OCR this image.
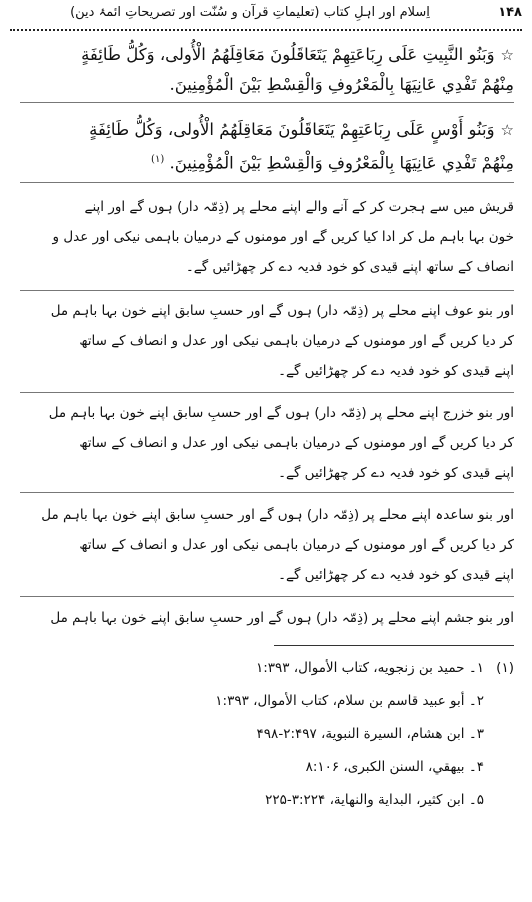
۱۴۸
اِسلام اور اہلِ کتاب (تعلیماتِ قرآن و سُنّت اور تصریحاتِ ائمۂ دین)
☆وَبَنُو النَّبِيتِ عَلَى رِبَاعَتِهِمْ يَتَعَاقَلُونَ مَعَاقِلَهُمُ الْأُولى، وَكُلُّ طَائِفَةٍ
مِنْهُمْ تَفْدِي عَانِيَهَا بِالْمَعْرُوفِ وَالْقِسْطِ بَيْنَ الْمُؤْمِنِينَ.
☆وَبَنُو أَوْسٍ عَلَى رِبَاعَتِهِمْ يَتَعَاقَلُونَ مَعَاقِلَهُمُ الْأُولى، وَكُلُّ طَائِفَةٍ
مِنْهُمْ تَفْدِي عَانِيَهَا بِالْمَعْرُوفِ وَالْقِسْطِ بَيْنَ الْمُؤْمِنِينَ. $^{(۱)}$
قریش میں سے ہجرت کر کے آنے والے اپنے محلے پر (ذِمّہ دار) ہوں گے اور اپنے
خون بہا باہم مل کر ادا کیا کریں گے اور مومنوں کے درمیان باہمی نیکی اور عدل و
انصاف کے ساتھ اپنے قیدی کو خود فدیہ دے کر چھڑائیں گے۔
اور بنو عوف اپنے محلے پر (ذِمّہ دار) ہوں گے اور حسبِ سابق اپنے خون بہا باہم مل
کر دیا کریں گے اور مومنوں کے درمیان باہمی نیکی اور عدل و انصاف کے ساتھ
اپنے قیدی کو خود فدیہ دے کر چھڑائیں گے۔
اور بنو خزرج اپنے محلے پر (ذِمّہ دار) ہوں گے اور حسبِ سابق اپنے خون بہا باہم مل
کر دیا کریں گے اور مومنوں کے درمیان باہمی نیکی اور عدل و انصاف کے ساتھ
اپنے قیدی کو خود فدیہ دے کر چھڑائیں گے۔
اور بنو ساعدہ اپنے محلے پر (ذِمّہ دار) ہوں گے اور حسبِ سابق اپنے خون بہا باہم مل
کر دیا کریں گے اور مومنوں کے درمیان باہمی نیکی اور عدل و انصاف کے ساتھ
اپنے قیدی کو خود فدیہ دے کر چھڑائیں گے۔
اور بنو جشم اپنے محلے پر (ذِمّہ دار) ہوں گے اور حسبِ سابق اپنے خون بہا باہم مل
(۱)
۱۔ حميد بن زنجويه، كتاب الأموال، ۱:۳۹۳
۲۔ أبو عبيد قاسم بن سلام، كتاب الأموال، ۱:۳۹۳
۳۔ ابن هشام، السيرة النبوية، ۲:۴۹۷-۴۹۸
۴۔ بيهقي، السنن الكبرى، ۸:۱۰۶
۵۔ ابن كثير، البداية والنهاية، ۳:۲۲۴-۲۲۵
